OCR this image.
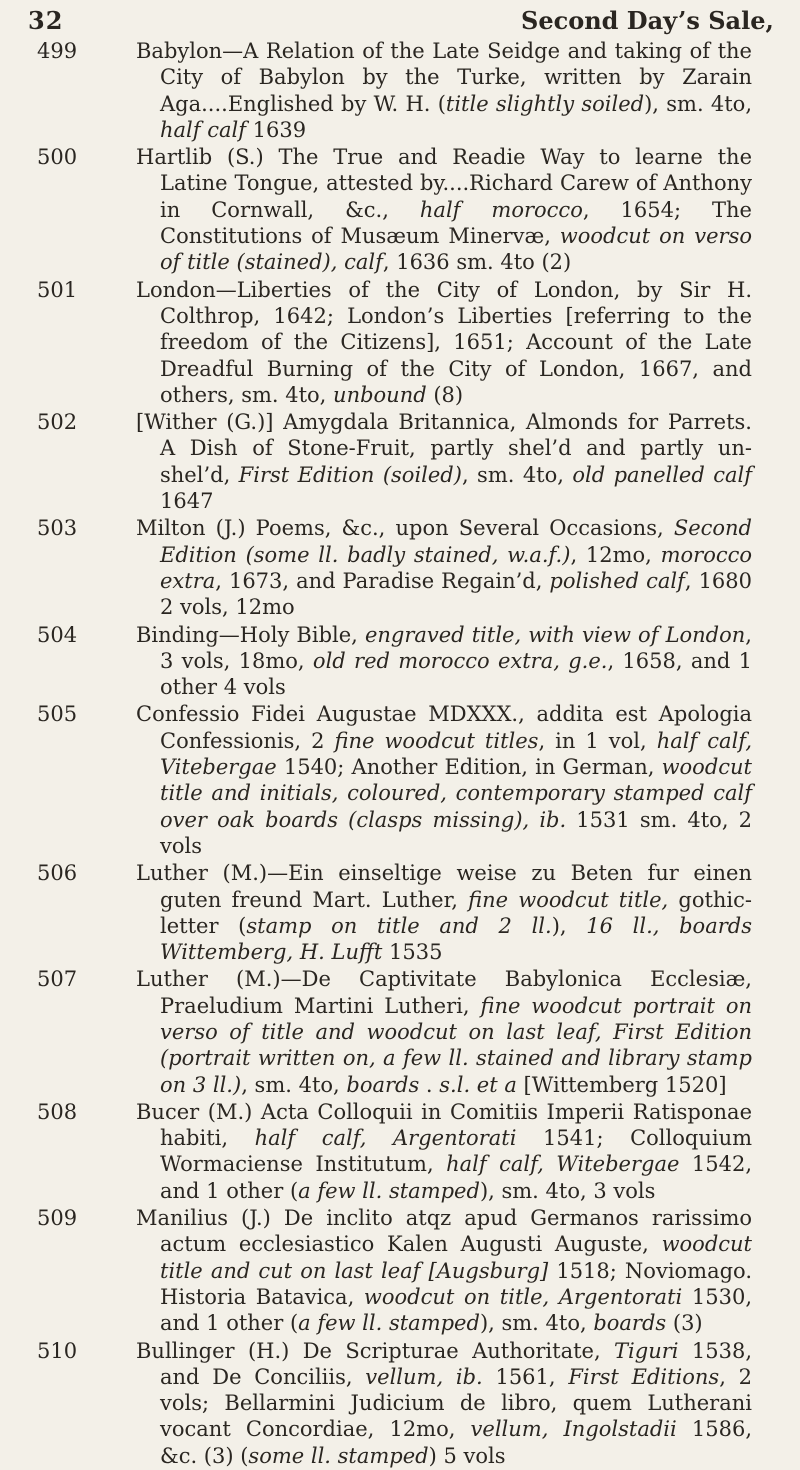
32	Second Day’s Sale,
499	Babylon—A Relation of the Late Seidge and taking of the City of Babylon by the Turke, written by Zarain Aga....Englished by W. H. (title slightly soiled), sm. 4to, half calf 1639
500	Hartlib (S.) The True and Readie Way to learne the Latine Tongue, attested by....Richard Carew of Anthony in Cornwall, &c., half morocco, 1654; The Constitutions of Musæum Minervæ, woodcut on verso of title (stained), calf, 1636 sm. 4to (2)
501	London—Liberties of the City of London, by Sir H. Colthrop, 1642; London’s Liberties [referring to the freedom of the Citizens], 1651; Account of the Late Dreadful Burning of the City of London, 1667, and others, sm. 4to, unbound (8)
502	[Wither (G.)] Amygdala Britannica, Almonds for Parrets. A Dish of Stone-Fruit, partly shel’d and partly un-shel’d, First Edition (soiled), sm. 4to, old panelled calf 1647
503	Milton (J.) Poems, &c., upon Several Occasions, Second Edition (some ll. badly stained, w.a.f.), 12mo, morocco extra, 1673, and Paradise Regain’d, polished calf, 1680 2 vols, 12mo
504	Binding—Holy Bible, engraved title, with view of London, 3 vols, 18mo, old red morocco extra, g.e., 1658, and 1 other 4 vols
505	Confessio Fidei Augustae MDXXX., addita est Apologia Confessionis, 2 fine woodcut titles, in 1 vol, half calf, Vitebergae 1540; Another Edition, in German, woodcut title and initials, coloured, contemporary stamped calf over oak boards (clasps missing), ib. 1531 sm. 4to, 2 vols
506	Luther (M.)—Ein einseltige weise zu Beten fur einen guten freund Mart. Luther, fine woodcut title, gothic-letter (stamp on title and 2 ll.), 16 ll., boards Wittemberg, H. Lufft 1535
507	Luther (M.)—De Captivitate Babylonica Ecclesiæ, Praeludium Martini Lutheri, fine woodcut portrait on verso of title and woodcut on last leaf, First Edition (portrait written on, a few ll. stained and library stamp on 3 ll.), sm. 4to, boards . s.l. et a [Wittemberg 1520]
508	Bucer (M.) Acta Colloquii in Comitiis Imperii Ratisponae habiti, half calf, Argentorati 1541; Colloquium Wormaciense Institutum, half calf, Witebergae 1542, and 1 other (a few ll. stamped), sm. 4to, 3 vols
509	Manilius (J.) De inclito atqz apud Germanos rarissimo actum ecclesiastico Kalen Augusti Auguste, woodcut title and cut on last leaf [Augsburg] 1518; Noviomago. Historia Batavica, woodcut on title, Argentorati 1530, and 1 other (a few ll. stamped), sm. 4to, boards (3)
510	Bullinger (H.) De Scripturae Authoritate, Tiguri 1538, and De Conciliis, vellum, ib. 1561, First Editions, 2 vols; Bellarmini Judicium de libro, quem Lutherani vocant Concordiae, 12mo, vellum, Ingolstadii 1586, &c. (3) (some ll. stamped) 5 vols
